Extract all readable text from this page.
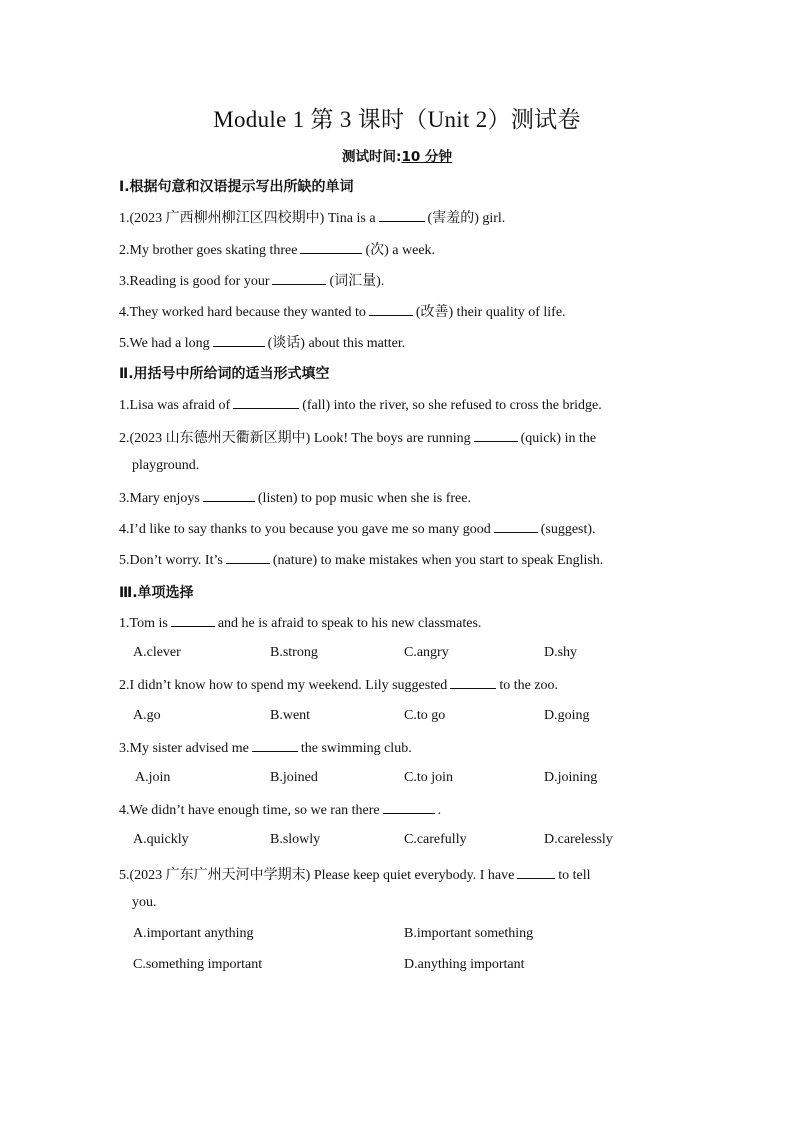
Module 1 第 3 课时（Unit 2）测试卷
测试时间:10 分钟
Ⅰ.根据句意和汉语提示写出所缺的单词
1.(2023 广西柳州柳江区四校期中) Tina is a	(害羞的) girl.
2.My brother goes skating three	(次) a week.
3.Reading is good for your	(词汇量).
4.They worked hard because they wanted to	(改善) their quality of life.
5.We had a long	(谈话) about this matter.
Ⅱ.用括号中所给词的适当形式填空
1.Lisa was afraid of	(fall) into the river, so she refused to cross the bridge.
2.(2023 山东德州天衢新区期中) Look! The boys are running	(quick) in the
playground.
3.Mary enjoys	(listen) to pop music when she is free.
4.I’d like to say thanks to you because you gave me so many good	(suggest).
5.Don’t worry. It’s	(nature) to make mistakes when you start to speak English.
Ⅲ.单项选择
1.Tom is	and he is afraid to speak to his new classmates.
A.clever	B.strong	C.angry	D.shy
2.I didn’t know how to spend my weekend. Lily suggested	to the zoo.
A.go	B.went	C.to go	D.going
3.My sister advised me	the swimming club.
A.join	B.joined	C.to join	D.joining
4.We didn’t have enough time, so we ran there	.
A.quickly	B.slowly	C.carefully	D.carelessly
5.(2023 广东广州天河中学期末) Please keep quiet everybody. I have	to tell
you.
A.important anything	B.important something
C.something important	D.anything important
